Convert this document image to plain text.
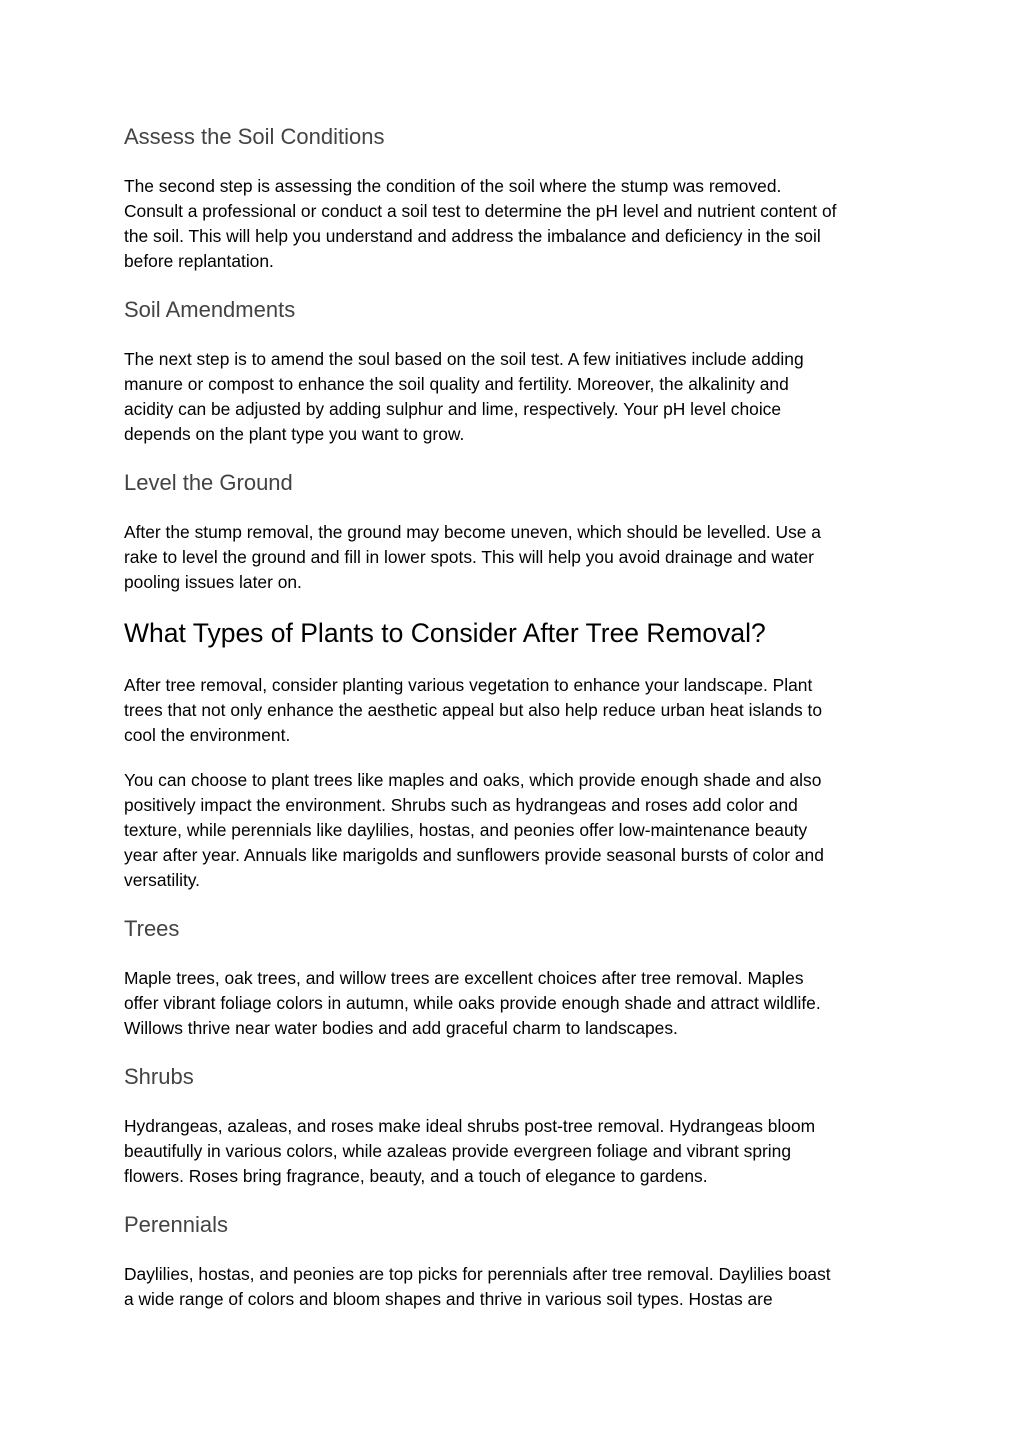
Assess the Soil Conditions
The second step is assessing the condition of the soil where the stump was removed.
Consult a professional or conduct a soil test to determine the pH level and nutrient content of
the soil. This will help you understand and address the imbalance and deficiency in the soil
before replantation.
Soil Amendments
The next step is to amend the soul based on the soil test. A few initiatives include adding
manure or compost to enhance the soil quality and fertility. Moreover, the alkalinity and
acidity can be adjusted by adding sulphur and lime, respectively. Your pH level choice
depends on the plant type you want to grow.
Level the Ground
After the stump removal, the ground may become uneven, which should be levelled. Use a
rake to level the ground and fill in lower spots. This will help you avoid drainage and water
pooling issues later on.
What Types of Plants to Consider After Tree Removal?
After tree removal, consider planting various vegetation to enhance your landscape. Plant
trees that not only enhance the aesthetic appeal but also help reduce urban heat islands to
cool the environment.
You can choose to plant trees like maples and oaks, which provide enough shade and also
positively impact the environment. Shrubs such as hydrangeas and roses add color and
texture, while perennials like daylilies, hostas, and peonies offer low-maintenance beauty
year after year. Annuals like marigolds and sunflowers provide seasonal bursts of color and
versatility.
Trees
Maple trees, oak trees, and willow trees are excellent choices after tree removal. Maples
offer vibrant foliage colors in autumn, while oaks provide enough shade and attract wildlife.
Willows thrive near water bodies and add graceful charm to landscapes.
Shrubs
Hydrangeas, azaleas, and roses make ideal shrubs post-tree removal. Hydrangeas bloom
beautifully in various colors, while azaleas provide evergreen foliage and vibrant spring
flowers. Roses bring fragrance, beauty, and a touch of elegance to gardens.
Perennials
Daylilies, hostas, and peonies are top picks for perennials after tree removal. Daylilies boast
a wide range of colors and bloom shapes and thrive in various soil types. Hostas are
